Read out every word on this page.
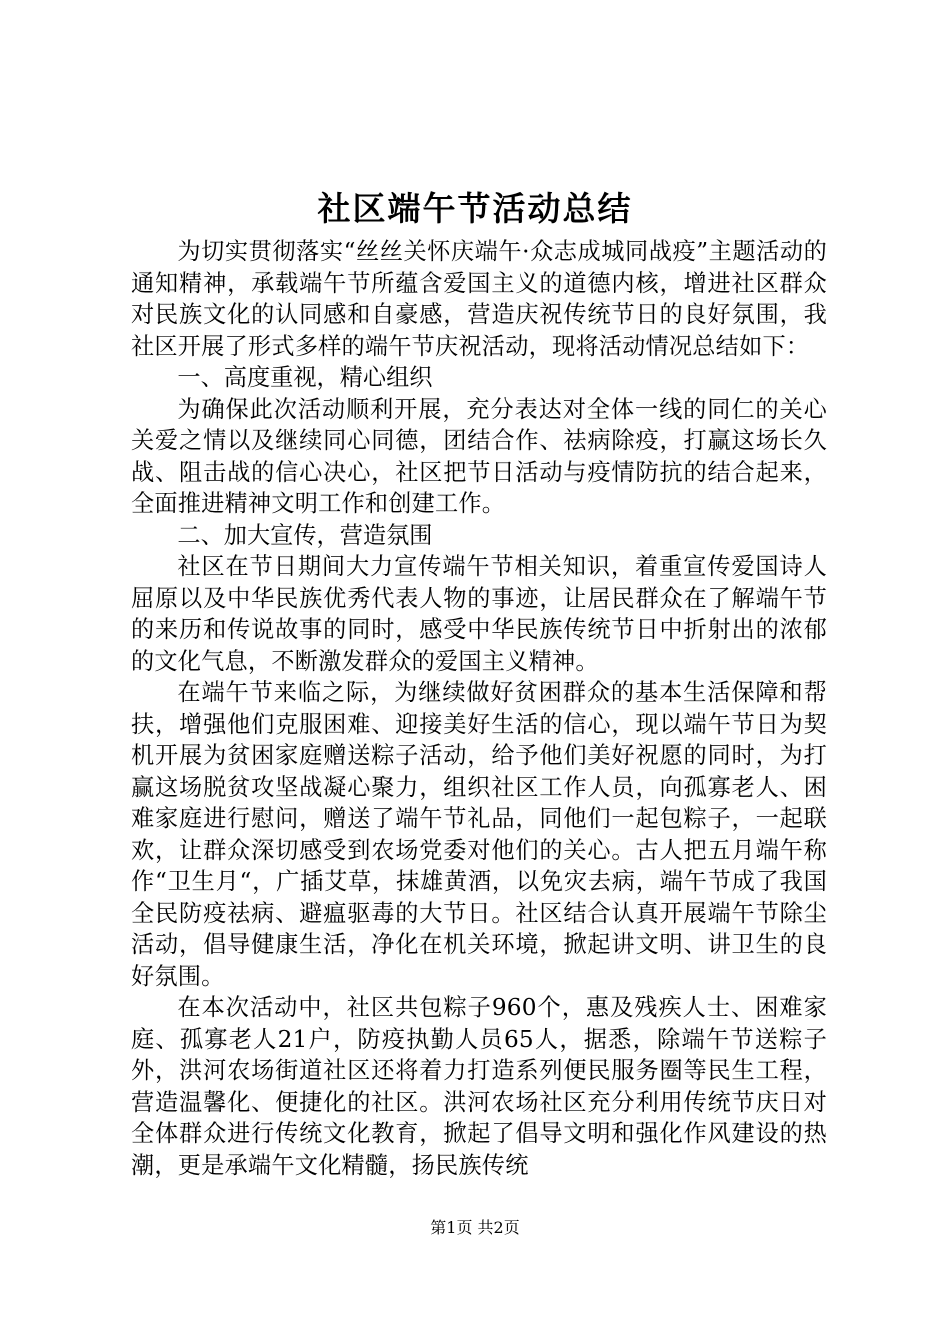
社区端午节活动总结

为切实贯彻落实“丝丝关怀庆端午·众志成城同战疫”主题活动的通知精神，承载端午节所蕴含爱国主义的道德内核，增进社区群众对民族文化的认同感和自豪感，营造庆祝传统节日的良好氛围，我社区开展了形式多样的端午节庆祝活动，现将活动情况总结如下：

一、高度重视，精心组织

为确保此次活动顺利开展，充分表达对全体一线的同仁的关心关爱之情以及继续同心同德，团结合作、祛病除疫，打赢这场长久战、阻击战的信心决心，社区把节日活动与疫情防抗的结合起来，全面推进精神文明工作和创建工作。

二、加大宣传，营造氛围

社区在节日期间大力宣传端午节相关知识，着重宣传爱国诗人屈原以及中华民族优秀代表人物的事迹，让居民群众在了解端午节的来历和传说故事的同时，感受中华民族传统节日中折射出的浓郁的文化气息，不断激发群众的爱国主义精神。

在端午节来临之际，为继续做好贫困群众的基本生活保障和帮扶，增强他们克服困难、迎接美好生活的信心，现以端午节日为契机开展为贫困家庭赠送粽子活动，给予他们美好祝愿的同时，为打赢这场脱贫攻坚战凝心聚力，组织社区工作人员，向孤寡老人、困难家庭进行慰问，赠送了端午节礼品，同他们一起包粽子，一起联欢，让群众深切感受到农场党委对他们的关心。古人把五月端午称作“卫生月“，广插艾草，抹雄黄酒，以免灾去病，端午节成了我国全民防疫祛病、避瘟驱毒的大节日。社区结合认真开展端午节除尘活动，倡导健康生活，净化在机关环境，掀起讲文明、讲卫生的良好氛围。

在本次活动中，社区共包粽子960个，惠及残疾人士、困难家庭、孤寡老人21户，防疫执勤人员65人，据悉，除端午节送粽子外，洪河农场街道社区还将着力打造系列便民服务圈等民生工程，营造温馨化、便捷化的社区。洪河农场社区充分利用传统节庆日对全体群众进行传统文化教育，掀起了倡导文明和强化作风建设的热潮，更是承端午文化精髓，扬民族传统

第1页 共2页
